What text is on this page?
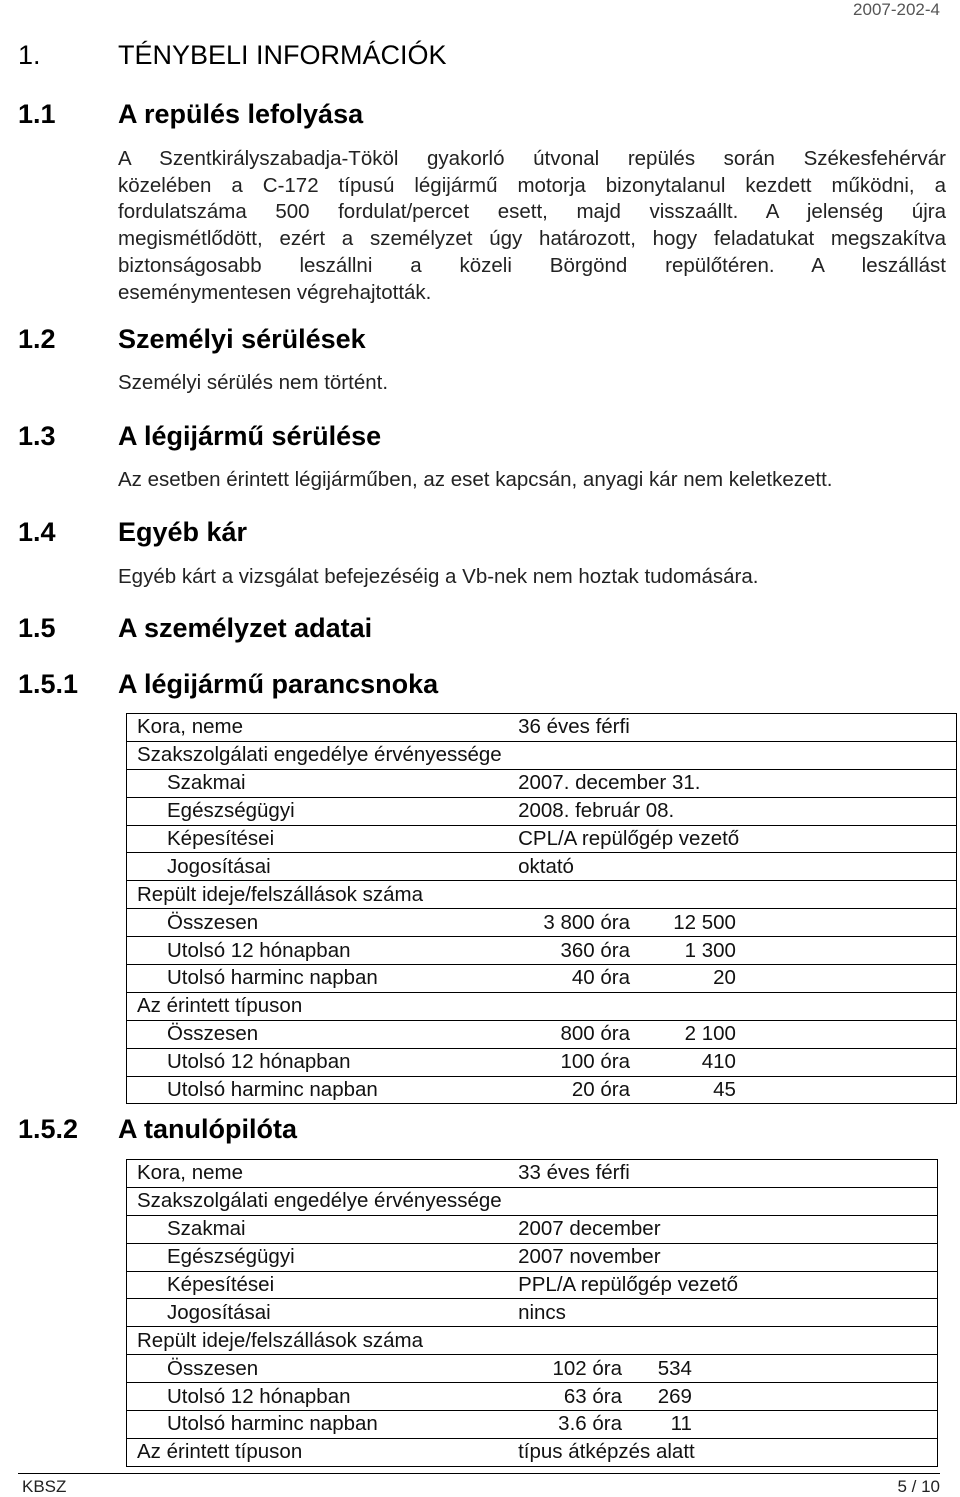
2007-202-4
1.	TÉNYBELI INFORMÁCIÓK
1.1 A repülés lefolyása
A Szentkirályszabadja-Tököl gyakorló útvonal repülés során Székesfehérvár
közelében a C-172 típusú légijármű motorja bizonytalanul kezdett működni, a
fordulatszáma 500 fordulat/percet esett, majd visszaállt. A jelenség újra
megismétlődött, ezért a személyzet úgy határozott, hogy feladatukat megszakítva
biztonságosabb leszállni a közeli Börgönd repülőtéren. A leszállást
eseménymentesen végrehajtották.
1.2 Személyi sérülések
Személyi sérülés nem történt.
1.3 A légijármű sérülése
Az esetben érintett légijárműben, az eset kapcsán, anyagi kár nem keletkezett.
1.4 Egyéb kár
Egyéb kárt a vizsgálat befejezéséig a Vb-nek nem hoztak tudomására.
1.5 A személyzet adatai
1.5.1 A légijármű parancsnoka
Kora, neme	36 éves férfi		
Szakszolgálati engedélye érvényessége			
Szakmai	2007. december 31.		
Egészségügyi	2008. február 08.		
Képesítései	CPL/A repülőgép vezető		
Jogosításai	oktató		
Repült ideje/felszállások száma			
Összesen	3 800 óra	12 500	
Utolsó 12 hónapban	360 óra	1 300	
Utolsó harminc napban	40 óra	20	
Az érintett típuson			
Összesen	800 óra	2 100	
Utolsó 12 hónapban	100 óra	410	
Utolsó harminc napban	20 óra	45	
1.5.2 A tanulópilóta
Kora, neme	33 éves férfi		
Szakszolgálati engedélye érvényessége			
Szakmai	2007 december		
Egészségügyi	2007 november		
Képesítései	PPL/A repülőgép vezető		
Jogosításai	nincs		
Repült ideje/felszállások száma			
Összesen	102 óra	534	
Utolsó 12 hónapban	63 óra	269	
Utolsó harminc napban	3.6 óra	11	
Az érintett típuson	típus átképzés alatt		
KBSZ	5 / 10
